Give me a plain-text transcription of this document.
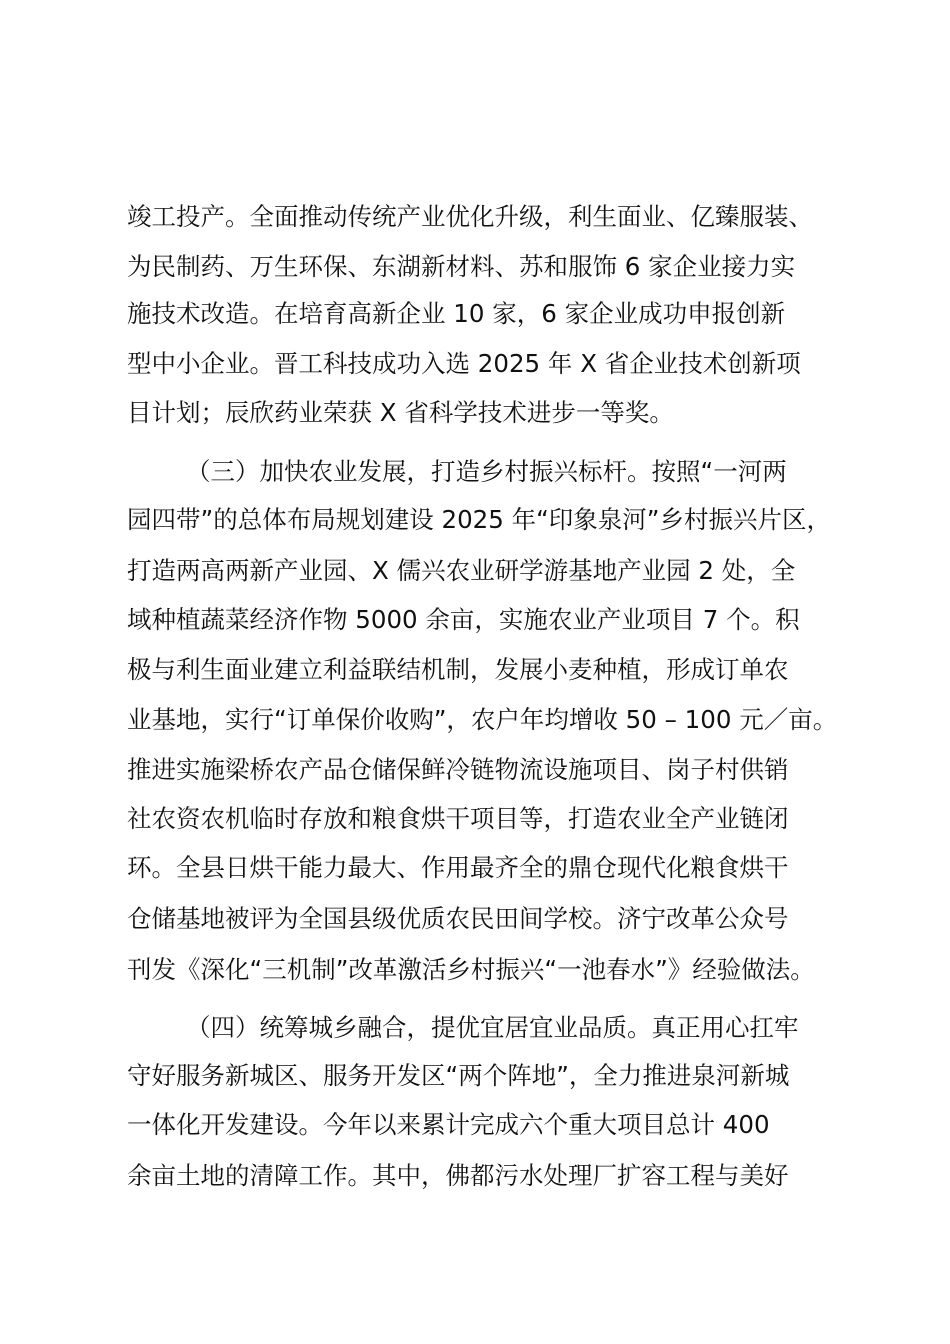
竣工投产。全面推动传统产业优化升级，利生面业、亿臻服装、
为民制药、万生环保、东湖新材料、苏和服饰 6 家企业接力实
施技术改造。在培育高新企业 10 家，6 家企业成功申报创新
型中小企业。晋工科技成功入选 2025 年 X 省企业技术创新项
目计划；辰欣药业荣获 X 省科学技术进步一等奖。
（三）加快农业发展，打造乡村振兴标杆。按照“一河两
园四带”的总体布局规划建设 2025 年“印象泉河”乡村振兴片区，
打造两高两新产业园、X 儒兴农业研学游基地产业园 2 处，全
域种植蔬菜经济作物 5000 余亩，实施农业产业项目 7 个。积
极与利生面业建立利益联结机制，发展小麦种植，形成订单农
业基地，实行“订单保价收购”，农户年均增收 50 – 100 元／亩。
推进实施梁桥农产品仓储保鲜冷链物流设施项目、岗子村供销
社农资农机临时存放和粮食烘干项目等，打造农业全产业链闭
环。全县日烘干能力最大、作用最齐全的鼎仓现代化粮食烘干
仓储基地被评为全国县级优质农民田间学校。济宁改革公众号
刊发《深化“三机制”改革激活乡村振兴“一池春水”》经验做法。
（四）统筹城乡融合，提优宜居宜业品质。真正用心扛牢
守好服务新城区、服务开发区“两个阵地”，全力推进泉河新城
一体化开发建设。今年以来累计完成六个重大项目总计 400
余亩土地的清障工作。其中，佛都污水处理厂扩容工程与美好
